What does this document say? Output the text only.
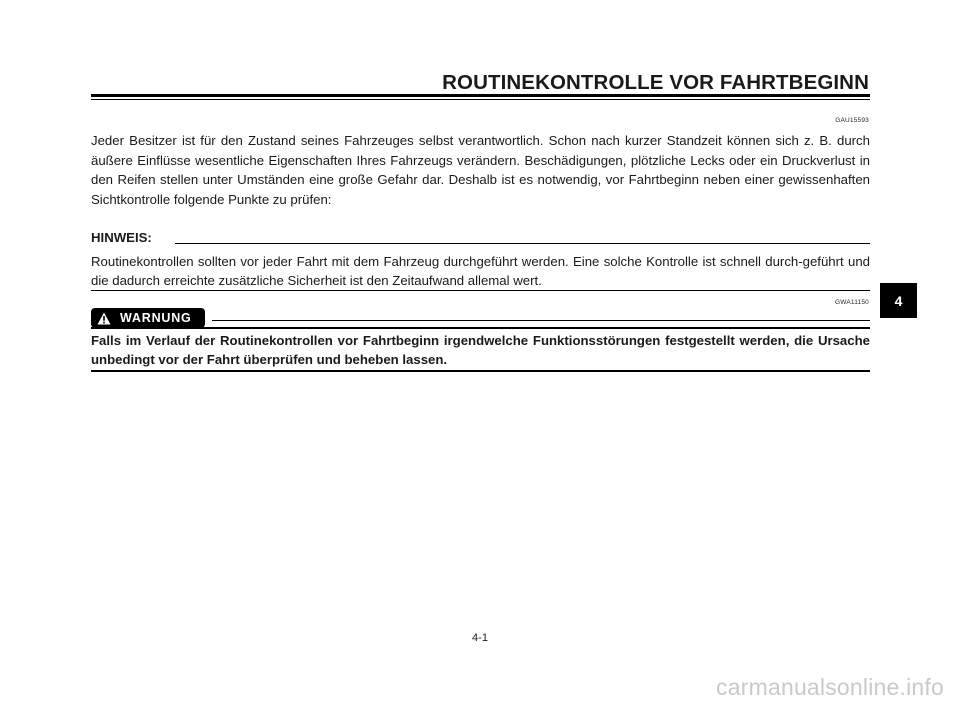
ROUTINEKONTROLLE VOR FAHRTBEGINN
GAU15593

Jeder Besitzer ist für den Zustand seines Fahrzeuges selbst verantwortlich. Schon nach kurzer Standzeit können sich z. B. durch äußere Einflüsse wesentliche Eigenschaften Ihres Fahrzeugs verändern. Beschädigungen, plötzliche Lecks oder ein Druckverlust in den Reifen stellen unter Umständen eine große Gefahr dar. Deshalb ist es notwendig, vor Fahrtbeginn neben einer gewissenhaften Sichtkontrolle folgende Punkte zu prüfen:

HINWEIS:

Routinekontrollen sollten vor jeder Fahrt mit dem Fahrzeug durchgeführt werden. Eine solche Kontrolle ist schnell durch-geführt und die dadurch erreichte zusätzliche Sicherheit ist den Zeitaufwand allemal wert.

GWA11150
WARNUNG

Falls im Verlauf der Routinekontrollen vor Fahrtbeginn irgendwelche Funktionsstörungen festgestellt werden, die Ursache unbedingt vor der Fahrt überprüfen und beheben lassen.

4

4-1

carmanualsonline.info
